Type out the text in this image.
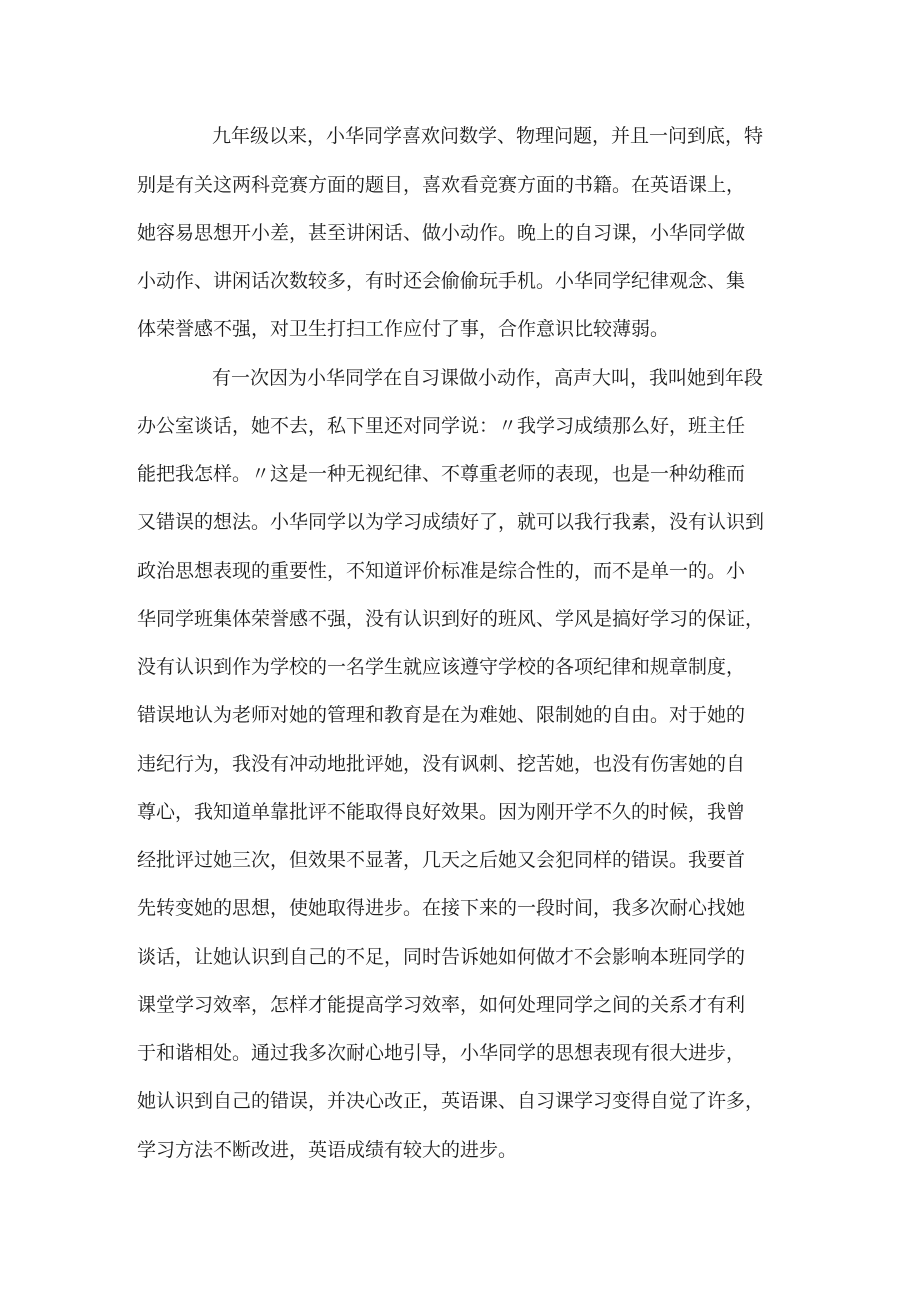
九年级以来，小华同学喜欢问数学、物理问题，并且一问到底，特
别是有关这两科竞赛方面的题目，喜欢看竞赛方面的书籍。在英语课上，
她容易思想开小差，甚至讲闲话、做小动作。晚上的自习课，小华同学做
小动作、讲闲话次数较多，有时还会偷偷玩手机。小华同学纪律观念、集
体荣誉感不强，对卫生打扫工作应付了事，合作意识比较薄弱。
有一次因为小华同学在自习课做小动作，高声大叫，我叫她到年段
办公室谈话，她不去，私下里还对同学说：〃我学习成绩那么好，班主任
能把我怎样。〃这是一种无视纪律、不尊重老师的表现，也是一种幼稚而
又错误的想法。小华同学以为学习成绩好了，就可以我行我素，没有认识到
政治思想表现的重要性，不知道评价标准是综合性的，而不是单一的。小
华同学班集体荣誉感不强，没有认识到好的班风、学风是搞好学习的保证，
没有认识到作为学校的一名学生就应该遵守学校的各项纪律和规章制度，
错误地认为老师对她的管理和教育是在为难她、限制她的自由。对于她的
违纪行为，我没有冲动地批评她，没有讽刺、挖苦她，也没有伤害她的自
尊心，我知道单靠批评不能取得良好效果。因为刚开学不久的时候，我曾
经批评过她三次，但效果不显著，几天之后她又会犯同样的错误。我要首
先转变她的思想，使她取得进步。在接下来的一段时间，我多次耐心找她
谈话，让她认识到自己的不足，同时告诉她如何做才不会影响本班同学的
课堂学习效率，怎样才能提高学习效率，如何处理同学之间的关系才有利
于和谐相处。通过我多次耐心地引导，小华同学的思想表现有很大进步，
她认识到自己的错误，并决心改正，英语课、自习课学习变得自觉了许多，
学习方法不断改进，英语成绩有较大的进步。
